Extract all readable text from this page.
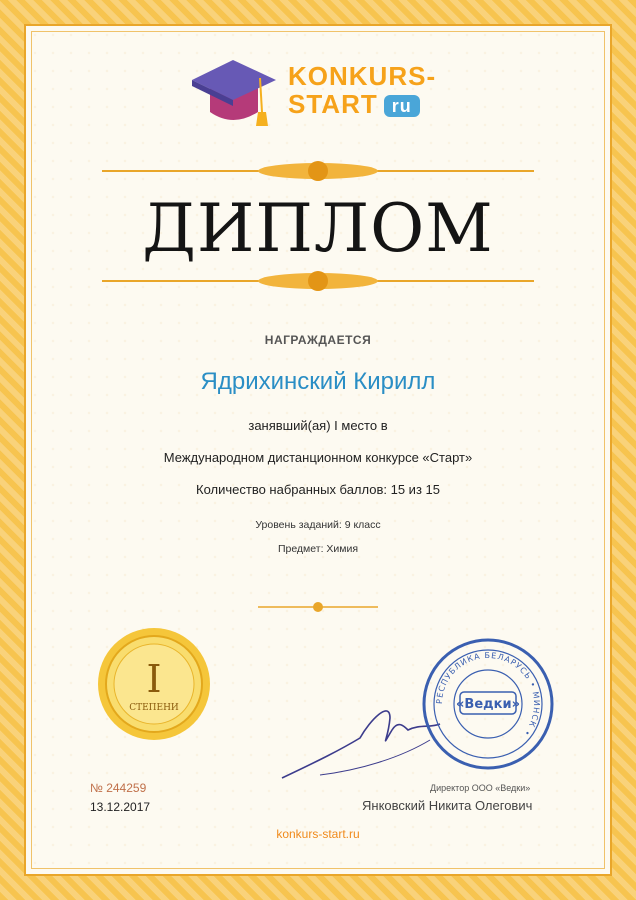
KONKURS-
START ru
ДИПЛОМ
НАГРАЖДАЕТСЯ
Ядрихинский Кирилл
занявший(ая) I место в
Международном дистанционном конкурсе «Старт»
Количество набранных баллов: 15 из 15
Уровень заданий: 9 класс
Предмет: Химия
I
СТЕПЕНИ
РЕСПУБЛИКА БЕЛАРУСЬ • МИНСК •
«Ведки»
№ 244259
13.12.2017
Директор ООО «Ведки»
Янковский Никита Олегович
konkurs-start.ru
